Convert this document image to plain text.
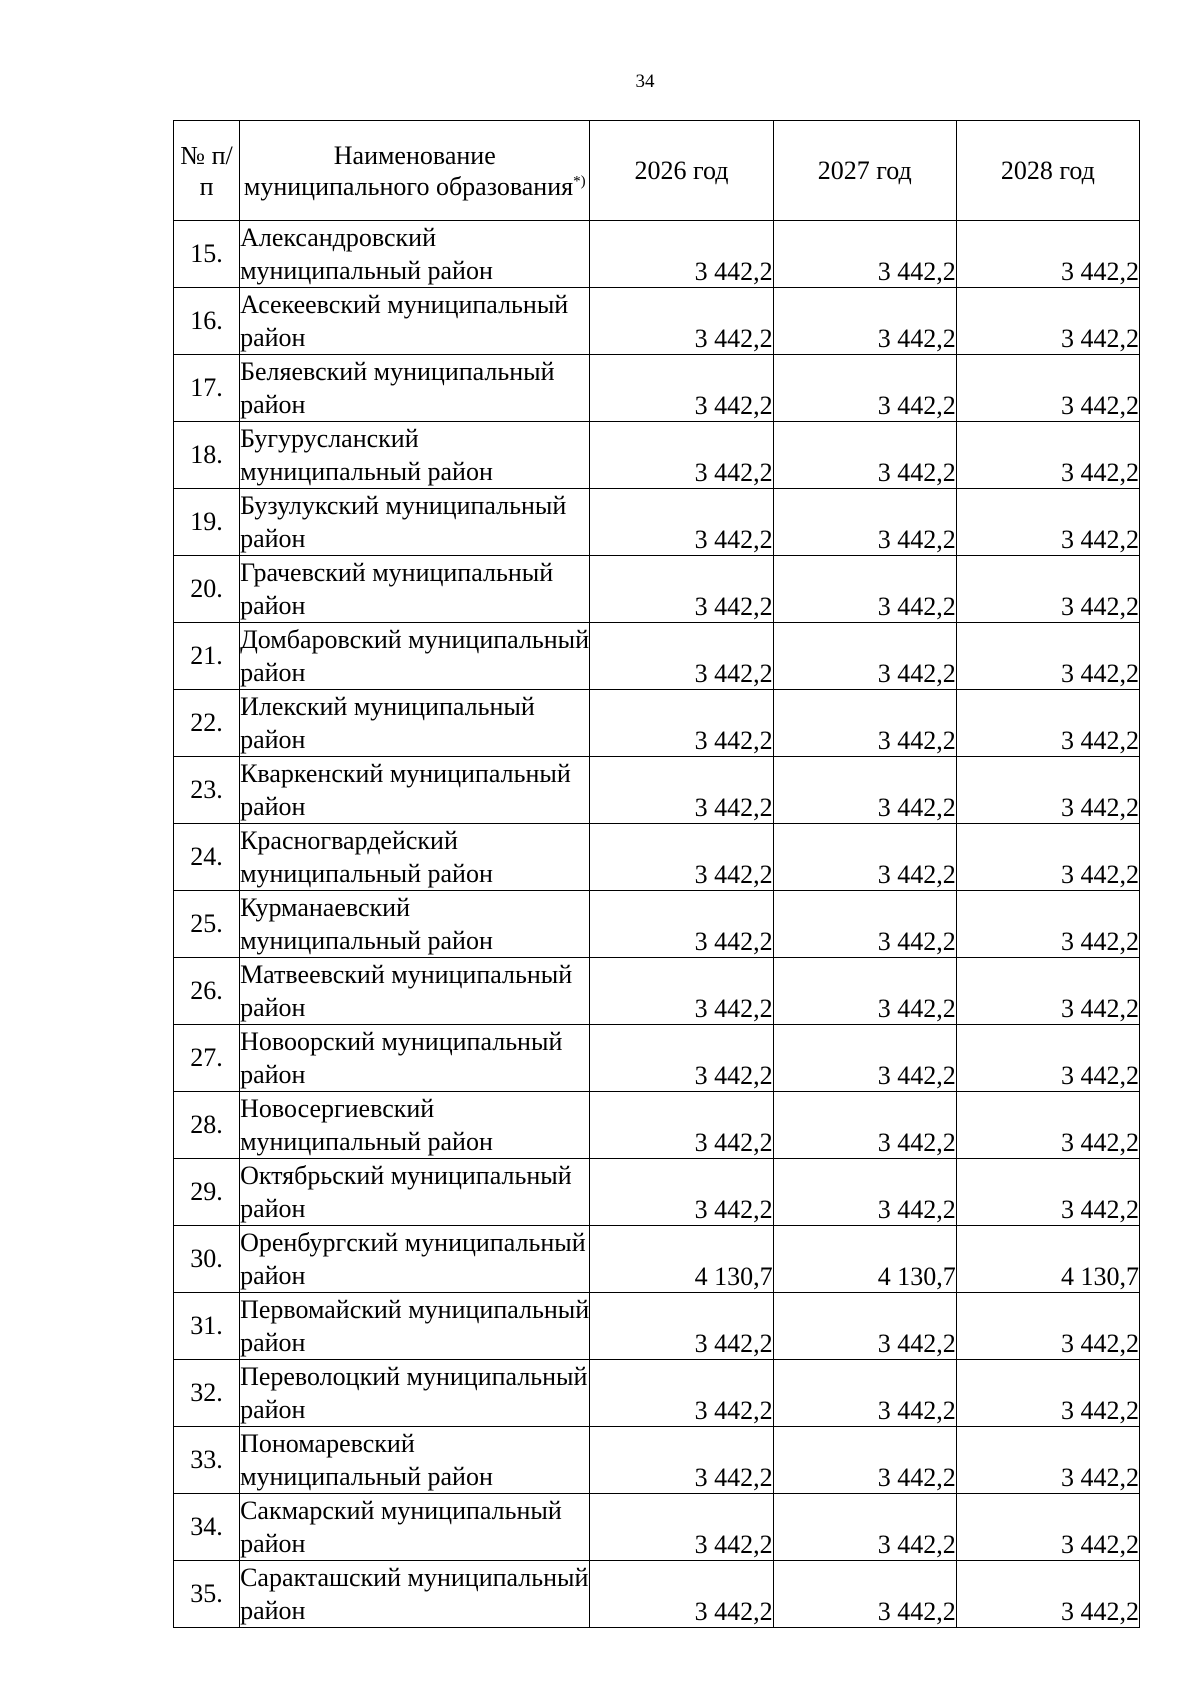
34
№ п/п	Наименование муниципального образования*)	2026 год	2027 год	2028 год
15.	Александровский муниципальный район	3 442,2	3 442,2	3 442,2
16.	Асекеевский муниципальный район	3 442,2	3 442,2	3 442,2
17.	Беляевский муниципальный район	3 442,2	3 442,2	3 442,2
18.	Бугурусланский муниципальный район	3 442,2	3 442,2	3 442,2
19.	Бузулукский муниципальный район	3 442,2	3 442,2	3 442,2
20.	Грачевский муниципальный район	3 442,2	3 442,2	3 442,2
21.	Домбаровский муниципальный район	3 442,2	3 442,2	3 442,2
22.	Илекский муниципальный район	3 442,2	3 442,2	3 442,2
23.	Кваркенский муниципальный район	3 442,2	3 442,2	3 442,2
24.	Красногвардейский муниципальный район	3 442,2	3 442,2	3 442,2
25.	Курманаевский муниципальный район	3 442,2	3 442,2	3 442,2
26.	Матвеевский муниципальный район	3 442,2	3 442,2	3 442,2
27.	Новоорский муниципальный район	3 442,2	3 442,2	3 442,2
28.	Новосергиевский муниципальный район	3 442,2	3 442,2	3 442,2
29.	Октябрьский муниципальный район	3 442,2	3 442,2	3 442,2
30.	Оренбургский муниципальный район	4 130,7	4 130,7	4 130,7
31.	Первомайский муниципальный район	3 442,2	3 442,2	3 442,2
32.	Переволоцкий муниципальный район	3 442,2	3 442,2	3 442,2
33.	Пономаревский муниципальный район	3 442,2	3 442,2	3 442,2
34.	Сакмарский муниципальный район	3 442,2	3 442,2	3 442,2
35.	Саракташский муниципальный район	3 442,2	3 442,2	3 442,2
